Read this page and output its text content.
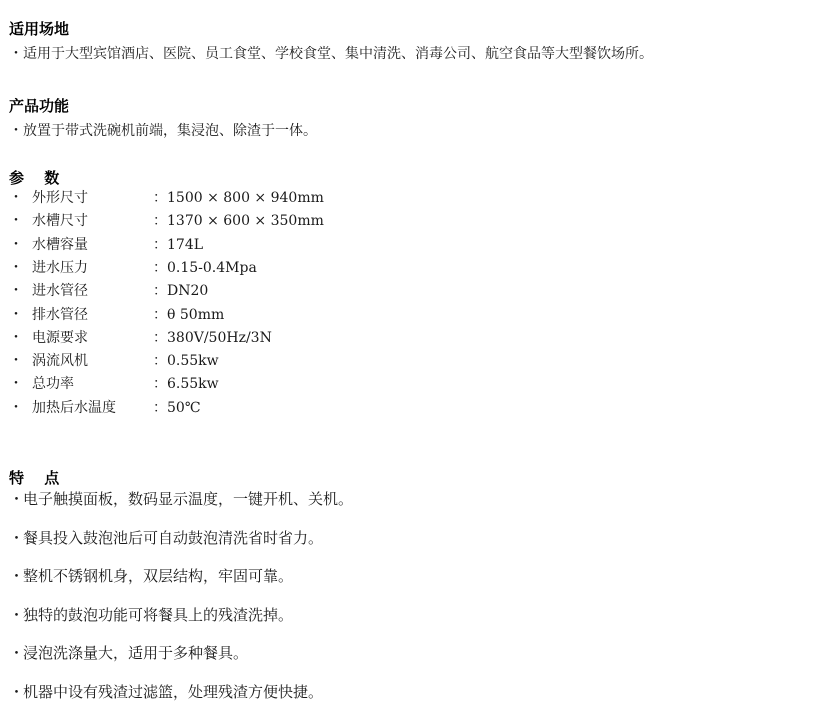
适用场地
・适用于大型宾馆酒店、医院、员工食堂、学校食堂、集中清洗、消毒公司、航空食品等大型餐饮场所。
产品功能
・放置于带式洗碗机前端，集浸泡、除渣于一体。
参　 数
・ 外形尺寸	： 1500 × 800 × 940mm
・ 水槽尺寸	： 1370 × 600 × 350mm
・ 水槽容量	： 174L
・ 进水压力	： 0.15-0.4Mpa
・ 进水管径	： DN20
・ 排水管径	： θ 50mm
・ 电源要求	： 380V/50Hz/3N
・ 涡流风机	： 0.55kw
・ 总功率	： 6.55kw
・ 加热后水温度	： 50℃
特　 点
・电子触摸面板，数码显示温度，一键开机、关机。
・餐具投入鼓泡池后可自动鼓泡清洗省时省力。
・整机不锈钢机身，双层结构，牢固可靠。
・独特的鼓泡功能可将餐具上的残渣洗掉。
・浸泡洗涤量大，适用于多种餐具。
・机器中设有残渣过滤篮，处理残渣方便快捷。
